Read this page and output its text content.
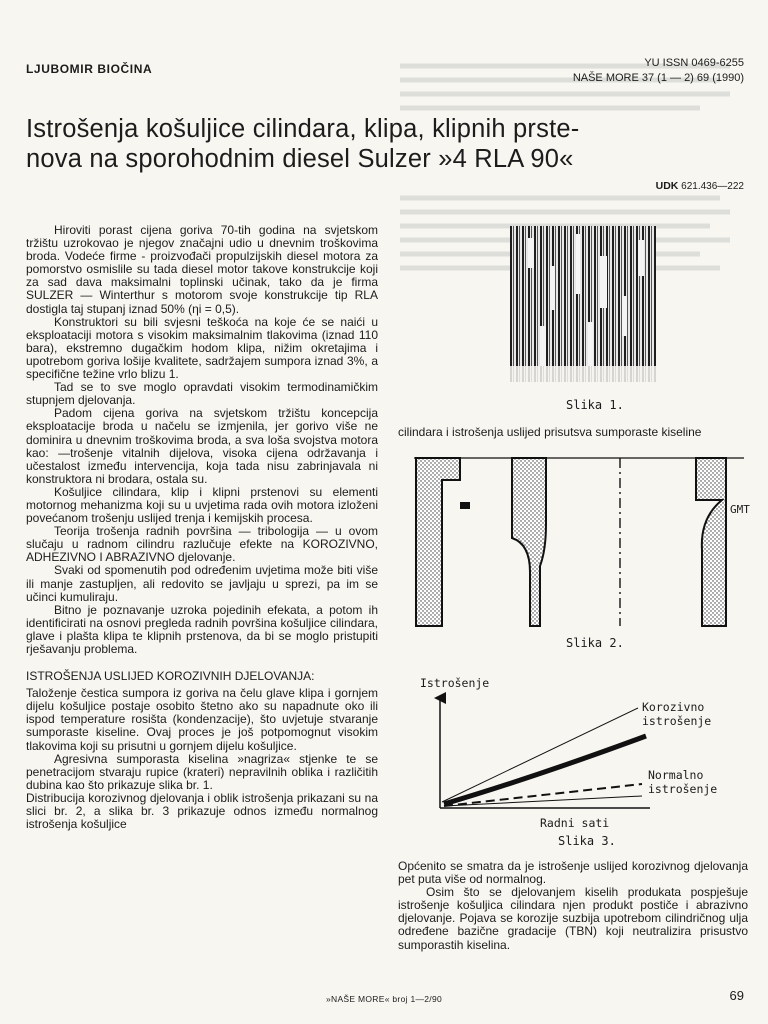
LJUBOMIR BIOČINA	YU ISSN 0469-6255
NAŠE MORE 37 (1 — 2) 69 (1990)
Istrošenja košuljice cilindara, klipa, klipnih prste-
nova na sporohodnim diesel Sulzer »4 RLA 90«
UDK 621.436—222

Hiroviti porast cijena goriva 70-tih godina na svjetskom tržištu uzrokovao je njegov značajni udio u dnevnim troškovima broda. Vodeće firme - proizvođači propulzijskih diesel motora za pomorstvo osmislile su tada diesel motor takove konstrukcije koji za sad dava maksimalni toplinski učinak, tako da je firma SULZER — Winterthur s motorom svoje konstrukcije tip RLA dostigla taj stupanj iznad 50% (ηi = 0,5).

Konstruktori su bili svjesni teškoća na koje će se naići u eksploataciji motora s visokim maksimalnim tlakovima (iznad 110 bara), ekstremno dugačkim hodom klipa, nižim okretajima i upotrebom goriva lošije kvalitete, sadržajem sumpora iznad 3%, a specifične težine vrlo blizu 1.

Tad se to sve moglo opravdati visokim termodinamičkim stupnjem djelovanja.

Padom cijena goriva na svjetskom tržištu koncepcija eksploatacije broda u načelu se izmjenila, jer gorivo više ne dominira u dnevnim troškovima broda, a sva loša svojstva motora kao: —trošenje vitalnih dijelova, visoka cijena održavanja i učestalost između intervencija, koja tada nisu zabrinjavala ni konstruktora ni brodara, ostala su.

Košuljice cilindara, klip i klipni prstenovi su elementi motornog mehanizma koji su u uvjetima rada ovih motora izloženi povećanom trošenju uslijed trenja i kemijskih procesa.

Teorija trošenja radnih površina — tribologija — u ovom slučaju u radnom cilindru razlučuje efekte na KOROZIVNO, ADHEZIVNO I ABRAZIVNO djelovanje.

Svaki od spomenutih pod određenim uvjetima može biti više ili manje zastupljen, ali redovito se javljaju u sprezi, pa im se učinci kumuliraju.

Bitno je poznavanje uzroka pojedinih efekata, a potom ih identificirati na osnovi pregleda radnih površina košuljice cilindara, glave i plašta klipa te klipnih prstenova, da bi se moglo pristupiti rješavanju problema.

ISTROŠENJA USLIJED KOROZIVNIH DJELOVANJA:

Taloženje čestica sumpora iz goriva na čelu glave klipa i gornjem dijelu košuljice postaje osobito štetno ako su napadnute oko ili ispod temperature rosišta (kondenzacije), što uvjetuje stvaranje sumporaste kiseline. Ovaj proces je još potpomognut visokim tlakovima koji su prisutni u gornjem dijelu košuljice.

Agresivna sumporasta kiselina »nagriza« stjenke te se penetracijom stvaraju rupice (krateri) nepravilnih oblika i različitih dubina kao što prikazuje slika br. 1.

Distribucija korozivnog djelovanja i oblik istrošenja prikazani su na slici br. 2, a slika br. 3 prikazuje odnos između normalnog istrošenja košuljice

Slika 1.
cilindara i istrošenja uslijed prisutsva sumporaste kiseline
GMT
Slika 2.
Istrošenje
Korozivno
istrošenje
Normalno
istrošenje
Radni sati
Slika 3.

Općenito se smatra da je istrošenje uslijed korozivnog djelovanja pet puta više od normalnog.

Osim što se djelovanjem kiselih produkata pospješuje istrošenje košuljica cilindara njen produkt postiče i abrazivno djelovanje. Pojava se korozije suzbija upotrebom cilindričnog ulja određene bazične gradacije (TBN) koji neutralizira prisustvo sumporastih kiselina.

»NAŠE MORE« broj 1—2/90	69
